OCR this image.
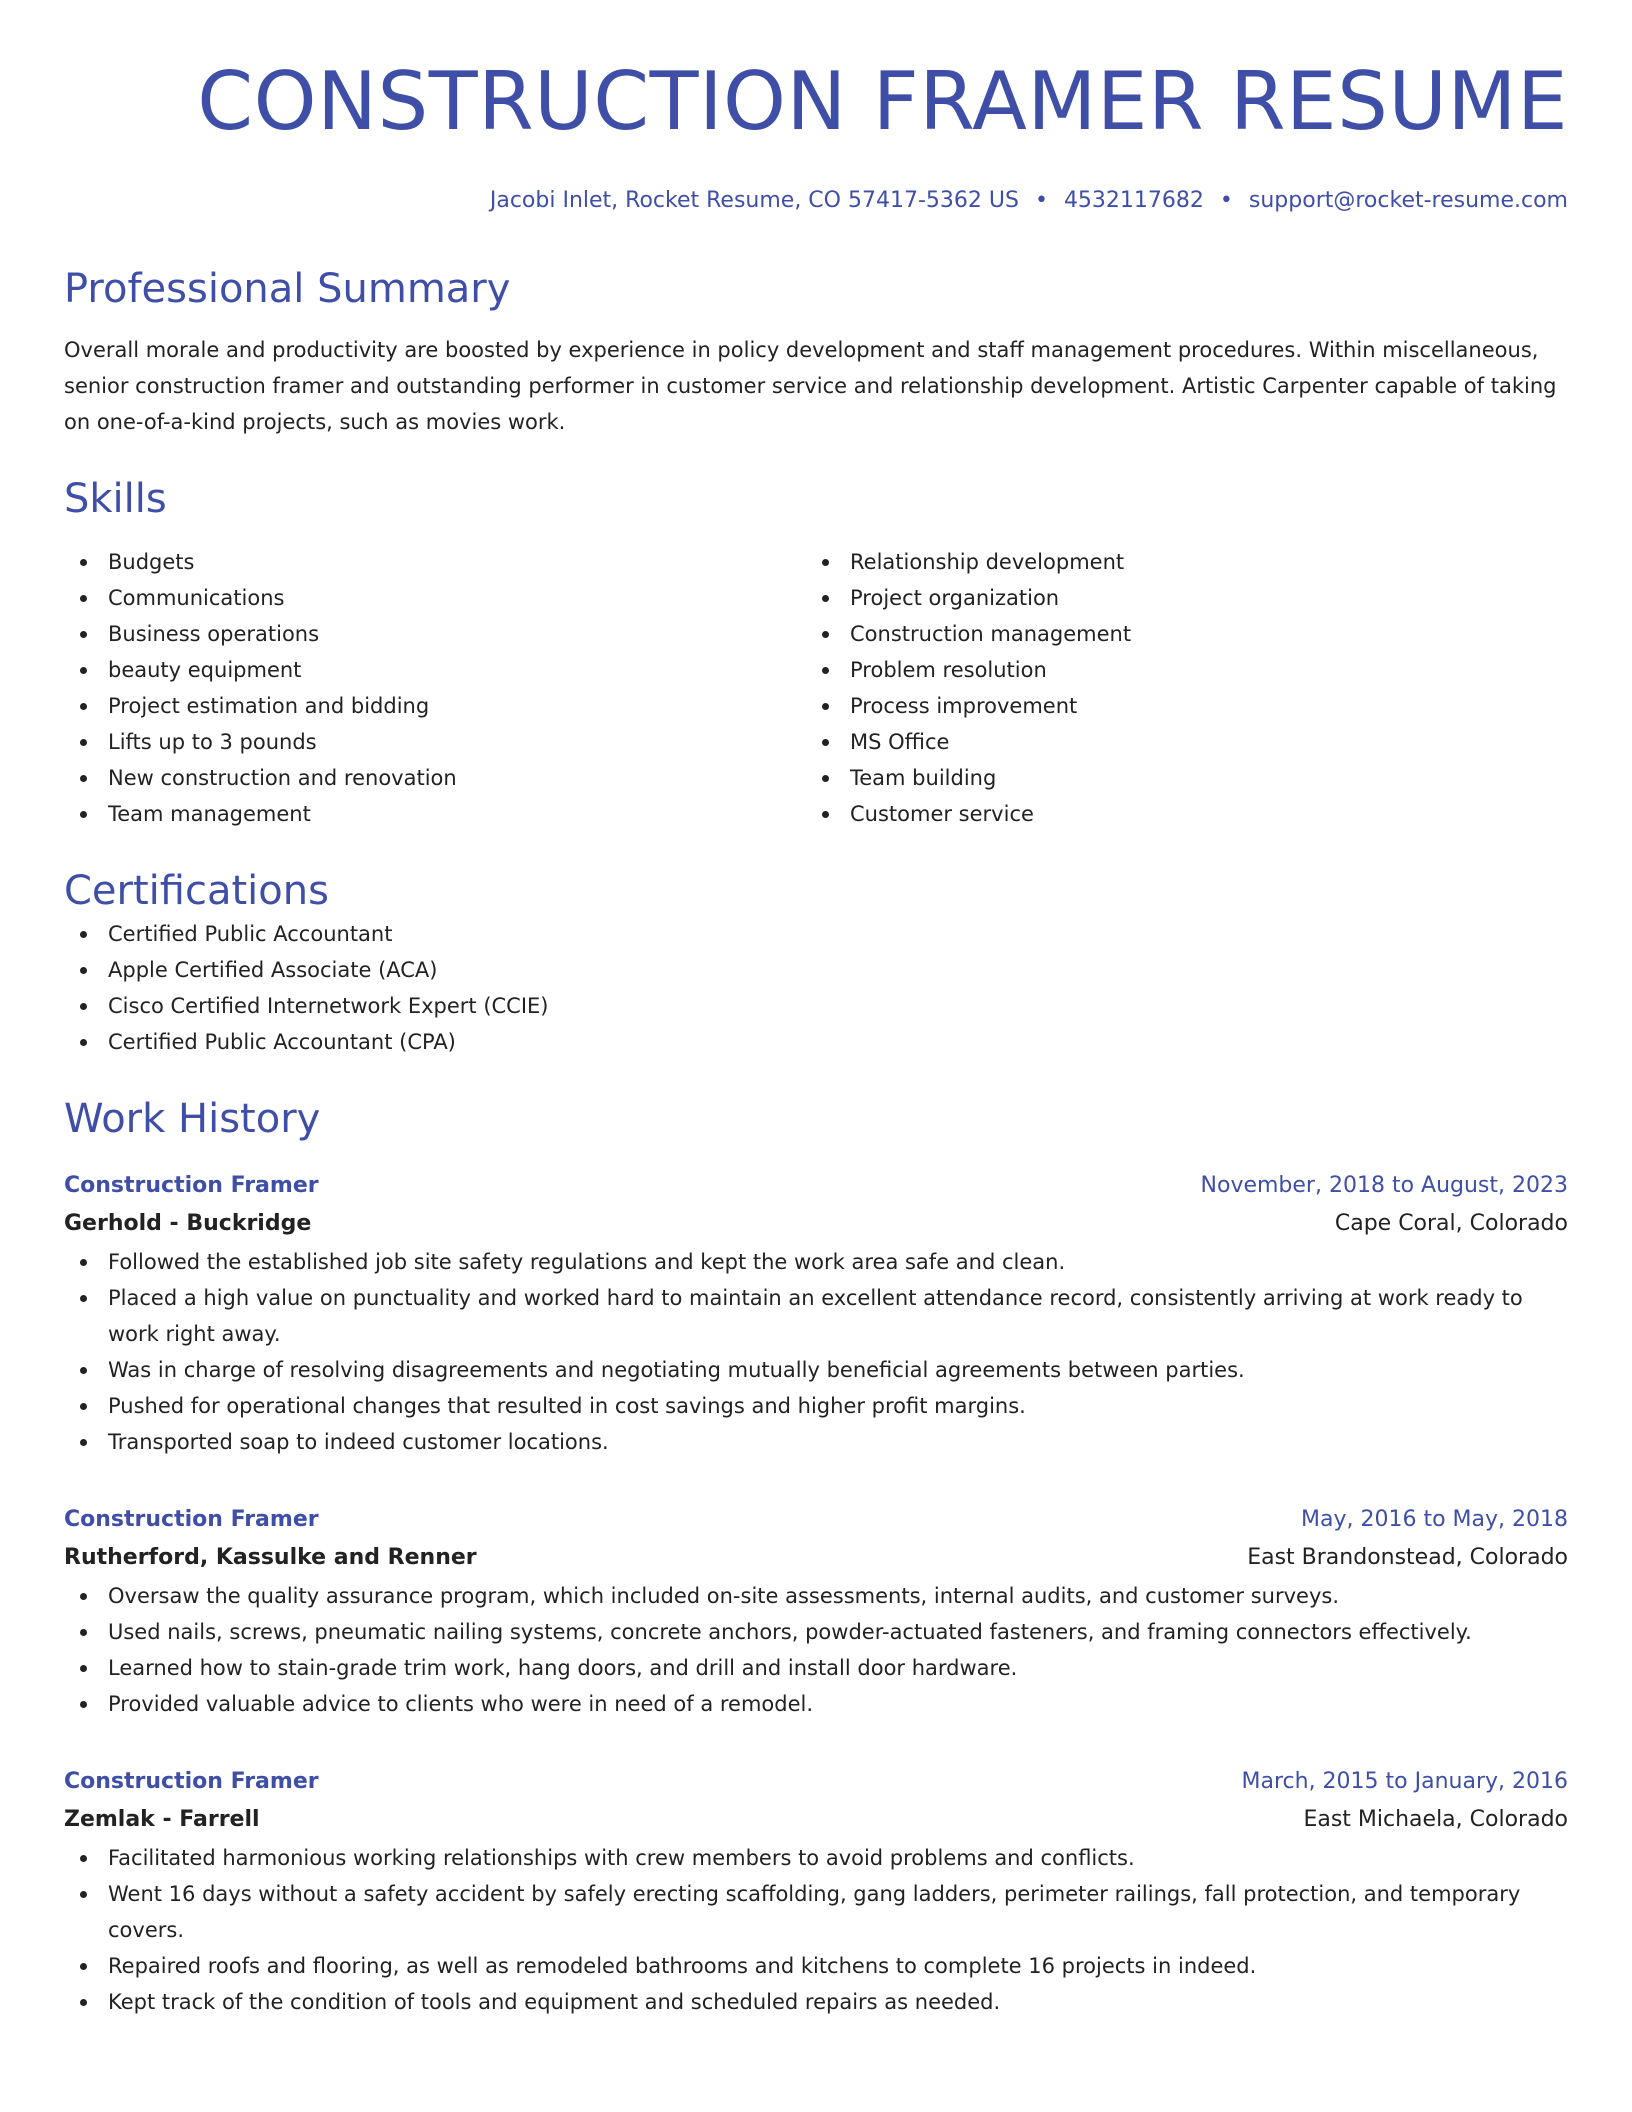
CONSTRUCTION FRAMER RESUME
Jacobi Inlet, Rocket Resume, CO 57417-5362 US • 4532117682 • support@rocket-resume.com
Professional Summary

Overall morale and productivity are boosted by experience in policy development and staff management procedures. Within miscellaneous, senior construction framer and outstanding performer in customer service and relationship development. Artistic Carpenter capable of taking on one-of-a-kind projects, such as movies work.

Skills
Budgets
Communications
Business operations
beauty equipment
Project estimation and bidding
Lifts up to 3 pounds
New construction and renovation
Team management
Relationship development
Project organization
Construction management
Problem resolution
Process improvement
MS Office
Team building
Customer service
Certifications
Certified Public Accountant
Apple Certified Associate (ACA)
Cisco Certified Internetwork Expert (CCIE)
Certified Public Accountant (CPA)
Work History
Construction Framer	November, 2018 to August, 2023
Gerhold - Buckridge	Cape Coral, Colorado
Followed the established job site safety regulations and kept the work area safe and clean.
Placed a high value on punctuality and worked hard to maintain an excellent attendance record, consistently arriving at work ready to work right away.
Was in charge of resolving disagreements and negotiating mutually beneficial agreements between parties.
Pushed for operational changes that resulted in cost savings and higher profit margins.
Transported soap to indeed customer locations.
Construction Framer	May, 2016 to May, 2018
Rutherford, Kassulke and Renner	East Brandonstead, Colorado
Oversaw the quality assurance program, which included on-site assessments, internal audits, and customer surveys.
Used nails, screws, pneumatic nailing systems, concrete anchors, powder-actuated fasteners, and framing connectors effectively.
Learned how to stain-grade trim work, hang doors, and drill and install door hardware.
Provided valuable advice to clients who were in need of a remodel.
Construction Framer	March, 2015 to January, 2016
Zemlak - Farrell	East Michaela, Colorado
Facilitated harmonious working relationships with crew members to avoid problems and conflicts.
Went 16 days without a safety accident by safely erecting scaffolding, gang ladders, perimeter railings, fall protection, and temporary covers.
Repaired roofs and flooring, as well as remodeled bathrooms and kitchens to complete 16 projects in indeed.
Kept track of the condition of tools and equipment and scheduled repairs as needed.
